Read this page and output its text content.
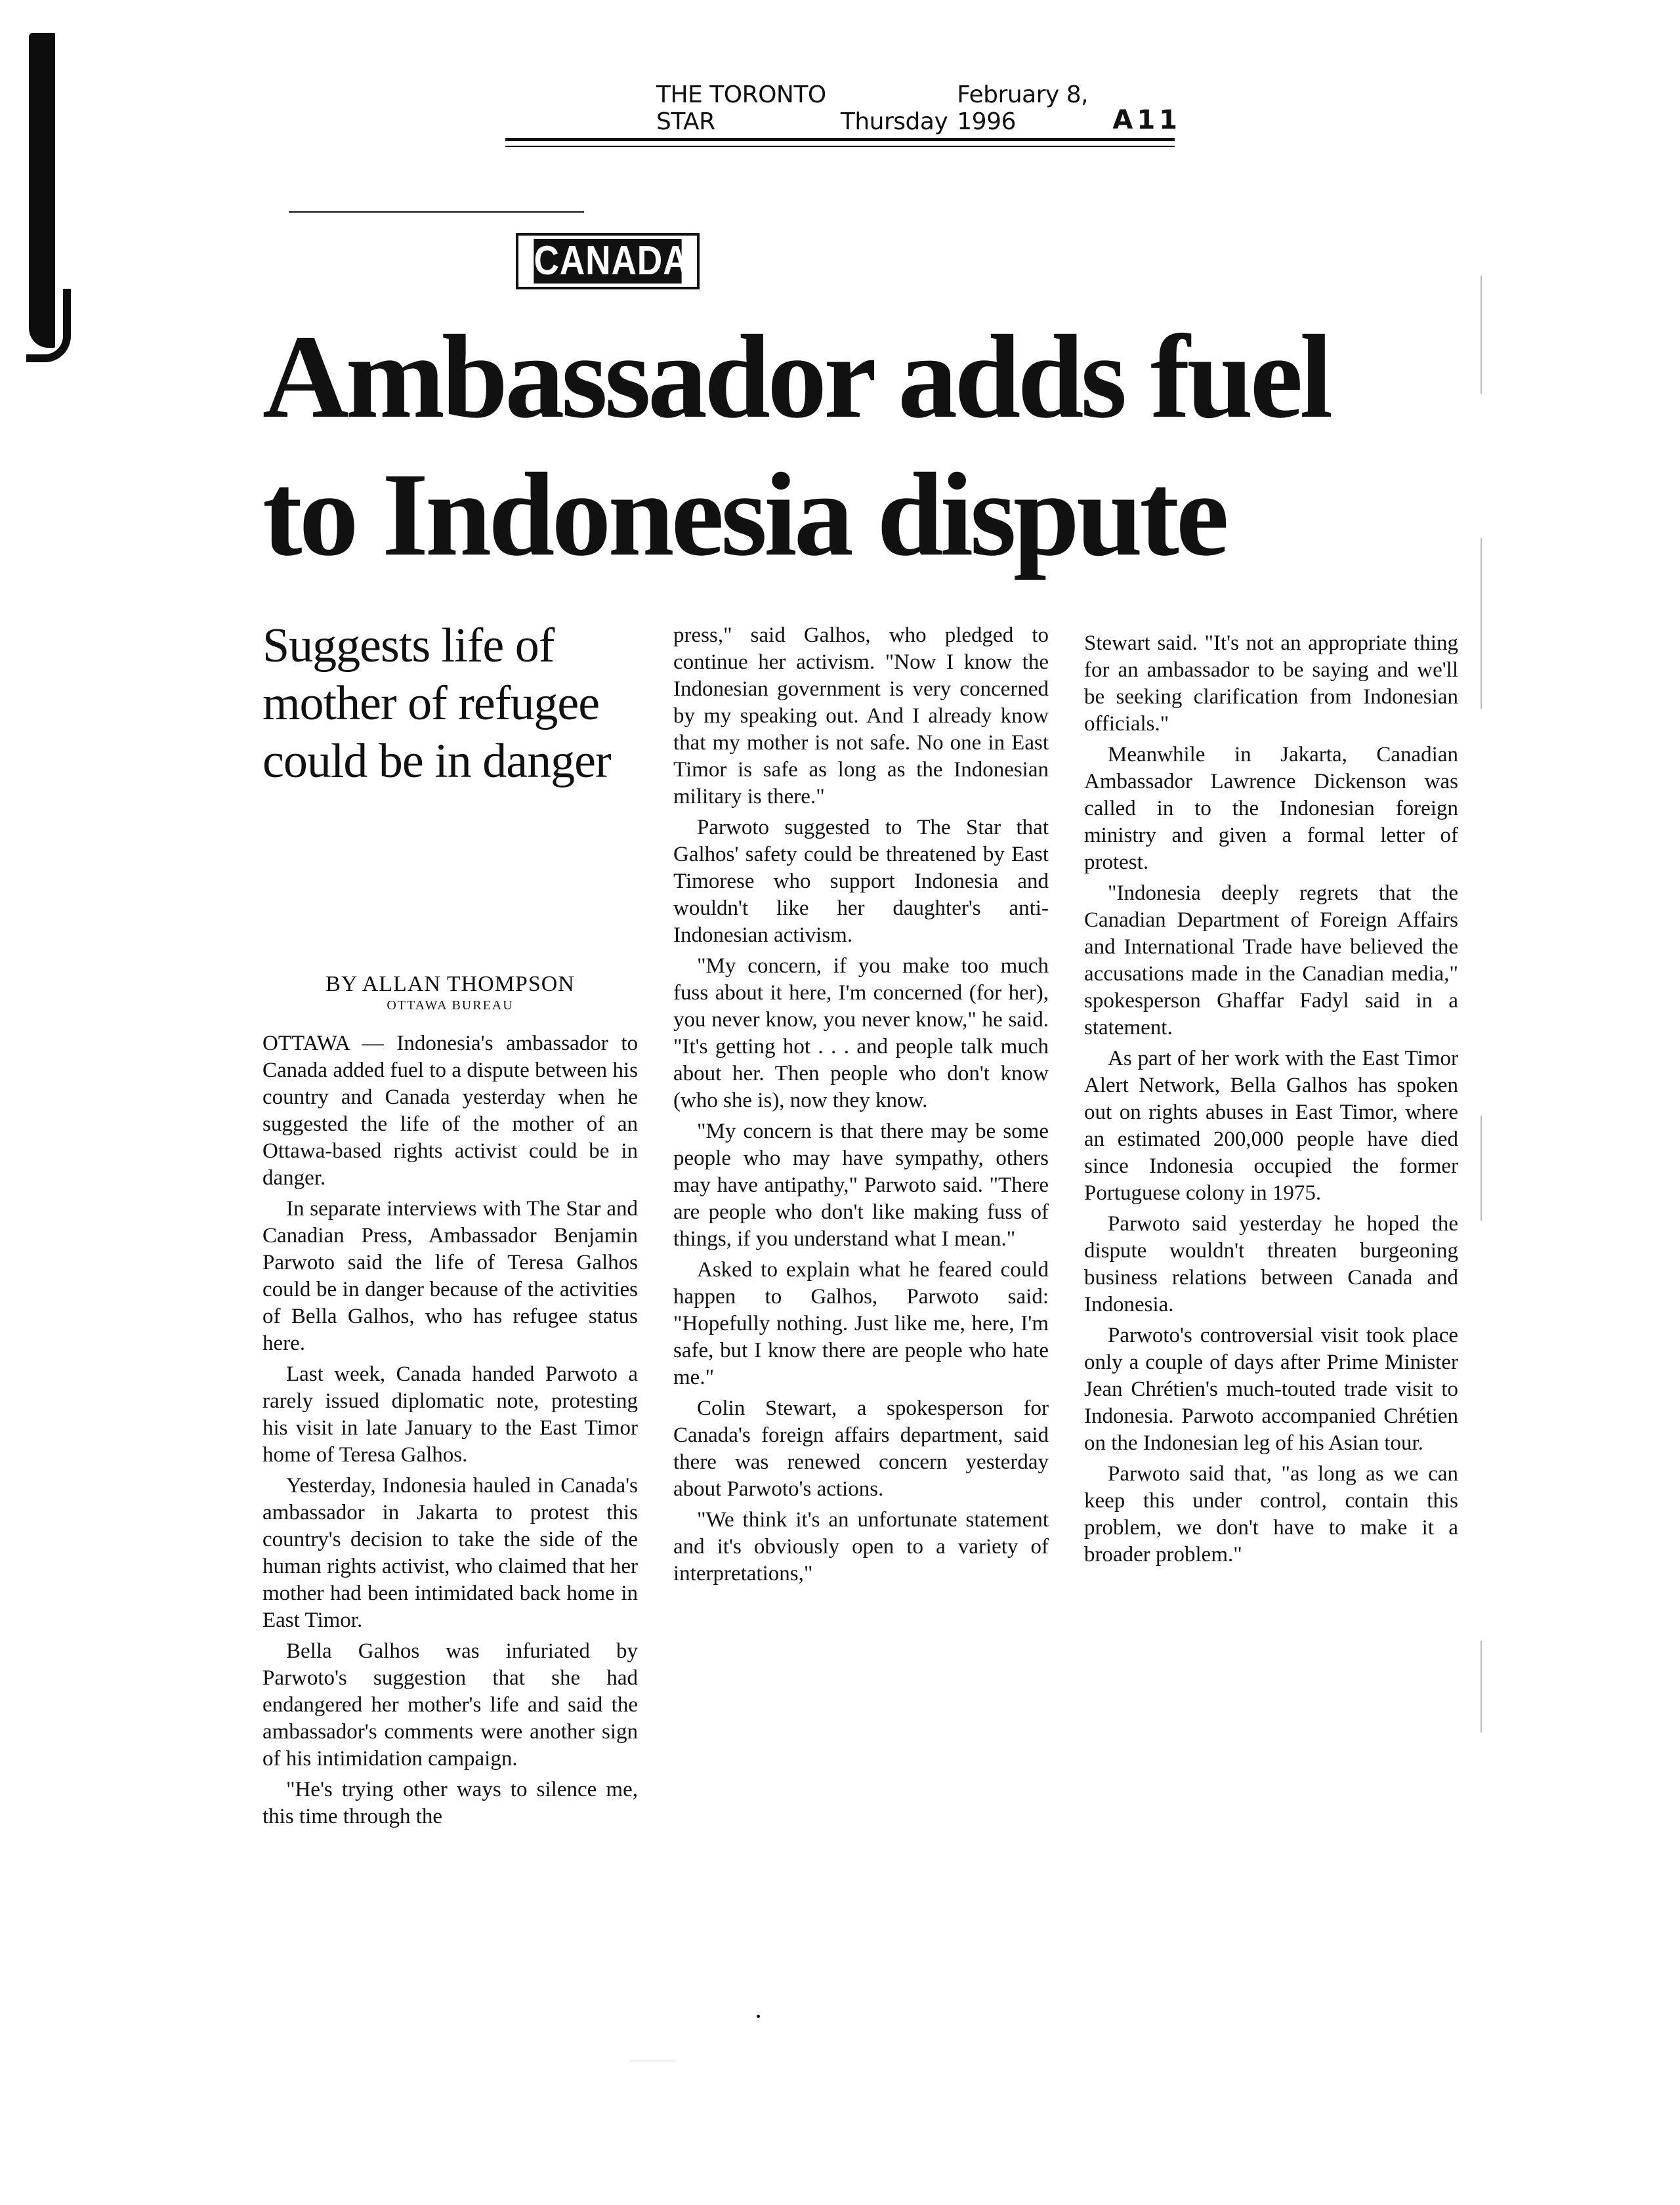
THE TORONTO STAR	Thursday
February 8, 1996	A11
CANADA
Ambassador adds fuel
to Indonesia dispute
Suggests life of
mother of refugee
could be in danger
BY ALLAN THOMPSON
OTTAWA BUREAU

OTTAWA — Indonesia's ambassador to Canada added fuel to a dispute between his country and Canada yesterday when he suggested the life of the mother of an Ottawa-based rights activist could be in danger.

In separate interviews with The Star and Canadian Press, Ambassador Benjamin Parwoto said the life of Teresa Galhos could be in danger because of the activities of Bella Galhos, who has refugee status here.

Last week, Canada handed Parwoto a rarely issued diplomatic note, protesting his visit in late January to the East Timor home of Teresa Galhos.

Yesterday, Indonesia hauled in Canada's ambassador in Jakarta to protest this country's decision to take the side of the human rights activist, who claimed that her mother had been intimidated back home in East Timor.

Bella Galhos was infuriated by Parwoto's suggestion that she had endangered her mother's life and said the ambassador's comments were another sign of his intimidation campaign.

"He's trying other ways to silence me, this time through the

press," said Galhos, who pledged to continue her activism. "Now I know the Indonesian government is very concerned by my speaking out. And I already know that my mother is not safe. No one in East Timor is safe as long as the Indonesian military is there."

Parwoto suggested to The Star that Galhos' safety could be threatened by East Timorese who support Indonesia and wouldn't like her daughter's anti-Indonesian activism.

"My concern, if you make too much fuss about it here, I'm concerned (for her), you never know, you never know," he said. "It's getting hot . . . and people talk much about her. Then people who don't know (who she is), now they know.

"My concern is that there may be some people who may have sympathy, others may have antipathy," Parwoto said. "There are people who don't like making fuss of things, if you understand what I mean."

Asked to explain what he feared could happen to Galhos, Parwoto said: "Hopefully nothing. Just like me, here, I'm safe, but I know there are people who hate me."

Colin Stewart, a spokesperson for Canada's foreign affairs department, said there was renewed concern yesterday about Parwoto's actions.

"We think it's an unfortunate statement and it's obviously open to a variety of interpretations,"

Stewart said. "It's not an appropriate thing for an ambassador to be saying and we'll be seeking clarification from Indonesian officials."

Meanwhile in Jakarta, Canadian Ambassador Lawrence Dickenson was called in to the Indonesian foreign ministry and given a formal letter of protest.

"Indonesia deeply regrets that the Canadian Department of Foreign Affairs and International Trade have believed the accusations made in the Canadian media," spokesperson Ghaffar Fadyl said in a statement.

As part of her work with the East Timor Alert Network, Bella Galhos has spoken out on rights abuses in East Timor, where an estimated 200,000 people have died since Indonesia occupied the former Portuguese colony in 1975.

Parwoto said yesterday he hoped the dispute wouldn't threaten burgeoning business relations between Canada and Indonesia.

Parwoto's controversial visit took place only a couple of days after Prime Minister Jean Chrétien's much-touted trade visit to Indonesia. Parwoto accompanied Chrétien on the Indonesian leg of his Asian tour.

Parwoto said that, "as long as we can keep this under control, contain this problem, we don't have to make it a broader problem."
